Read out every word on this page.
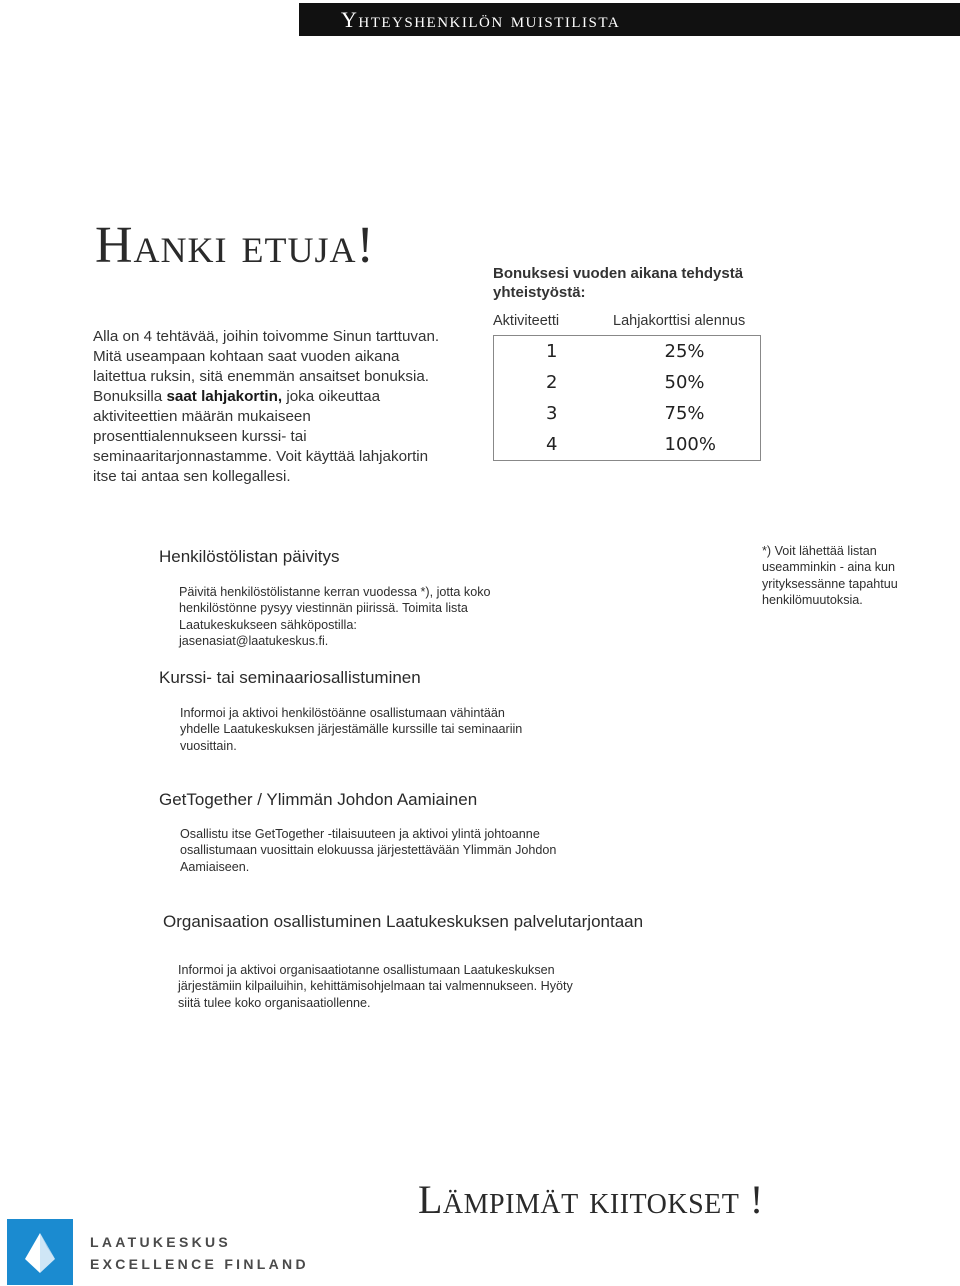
Yhteyshenkilön muistilista
Hanki etuja!
Alla on 4 tehtävää, joihin toivomme Sinun tarttuvan. Mitä useampaan kohtaan saat vuoden aikana laitettua ruksin, sitä enemmän ansaitset bonuksia. Bonuksilla saat lahjakortin, joka oikeuttaa aktiviteettien määrän mukaiseen prosenttialennukseen kurssi- tai seminaaritarjonnastamme. Voit käyttää lahjakortin itse tai antaa sen kollegallesi.
Bonuksesi vuoden aikana tehdystä yhteistyöstä:
Aktiviteetti	Lahjakorttisi alennus
1	25%
2	50%
3	75%
4	100%
Henkilöstölistan päivitys
Päivitä henkilöstölistanne kerran vuodessa *), jotta koko henkilöstönne pysyy viestinnän piirissä. Toimita lista Laatukeskukseen sähköpostilla: jasenasiat@laatukeskus.fi.
*) Voit lähettää listan useamminkin - aina kun yrityksessänne tapahtuu henkilömuutoksia.
Kurssi- tai seminaariosallistuminen
Informoi ja aktivoi henkilöstöänne osallistumaan vähintään yhdelle Laatukeskuksen järjestämälle kurssille tai seminaariin vuosittain.
GetTogether / Ylimmän Johdon Aamiainen
Osallistu itse GetTogether -tilaisuuteen ja aktivoi ylintä johtoanne osallistumaan vuosittain elokuussa järjestettävään Ylimmän Johdon Aamiaiseen.
Organisaation osallistuminen Laatukeskuksen palvelutarjontaan
Informoi ja aktivoi organisaatiotanne osallistumaan Laatukeskuksen järjestämiin kilpailuihin, kehittämisohjelmaan tai valmennukseen. Hyöty siitä tulee koko organisaatiollenne.
Lämpimät kiitokset !
LAATUKESKUS
EXCELLENCE FINLAND
